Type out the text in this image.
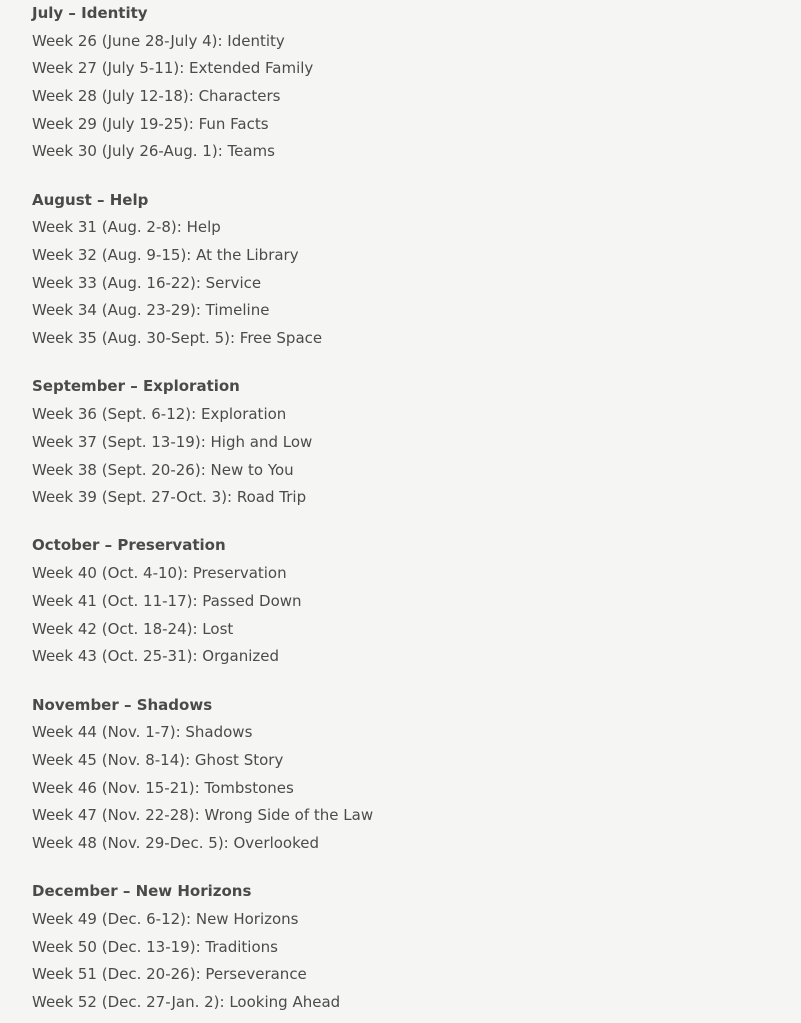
July – Identity
Week 26 (June 28-July 4): Identity
Week 27 (July 5-11): Extended Family
Week 28 (July 12-18): Characters
Week 29 (July 19-25): Fun Facts
Week 30 (July 26-Aug. 1): Teams
August – Help
Week 31 (Aug. 2-8): Help
Week 32 (Aug. 9-15): At the Library
Week 33 (Aug. 16-22): Service
Week 34 (Aug. 23-29): Timeline
Week 35 (Aug. 30-Sept. 5): Free Space
September – Exploration
Week 36 (Sept. 6-12): Exploration
Week 37 (Sept. 13-19): High and Low
Week 38 (Sept. 20-26): New to You
Week 39 (Sept. 27-Oct. 3): Road Trip
October – Preservation
Week 40 (Oct. 4-10): Preservation
Week 41 (Oct. 11-17): Passed Down
Week 42 (Oct. 18-24): Lost
Week 43 (Oct. 25-31): Organized
November – Shadows
Week 44 (Nov. 1-7): Shadows
Week 45 (Nov. 8-14): Ghost Story
Week 46 (Nov. 15-21): Tombstones
Week 47 (Nov. 22-28): Wrong Side of the Law
Week 48 (Nov. 29-Dec. 5): Overlooked
December – New Horizons
Week 49 (Dec. 6-12): New Horizons
Week 50 (Dec. 13-19): Traditions
Week 51 (Dec. 20-26): Perseverance
Week 52 (Dec. 27-Jan. 2): Looking Ahead
